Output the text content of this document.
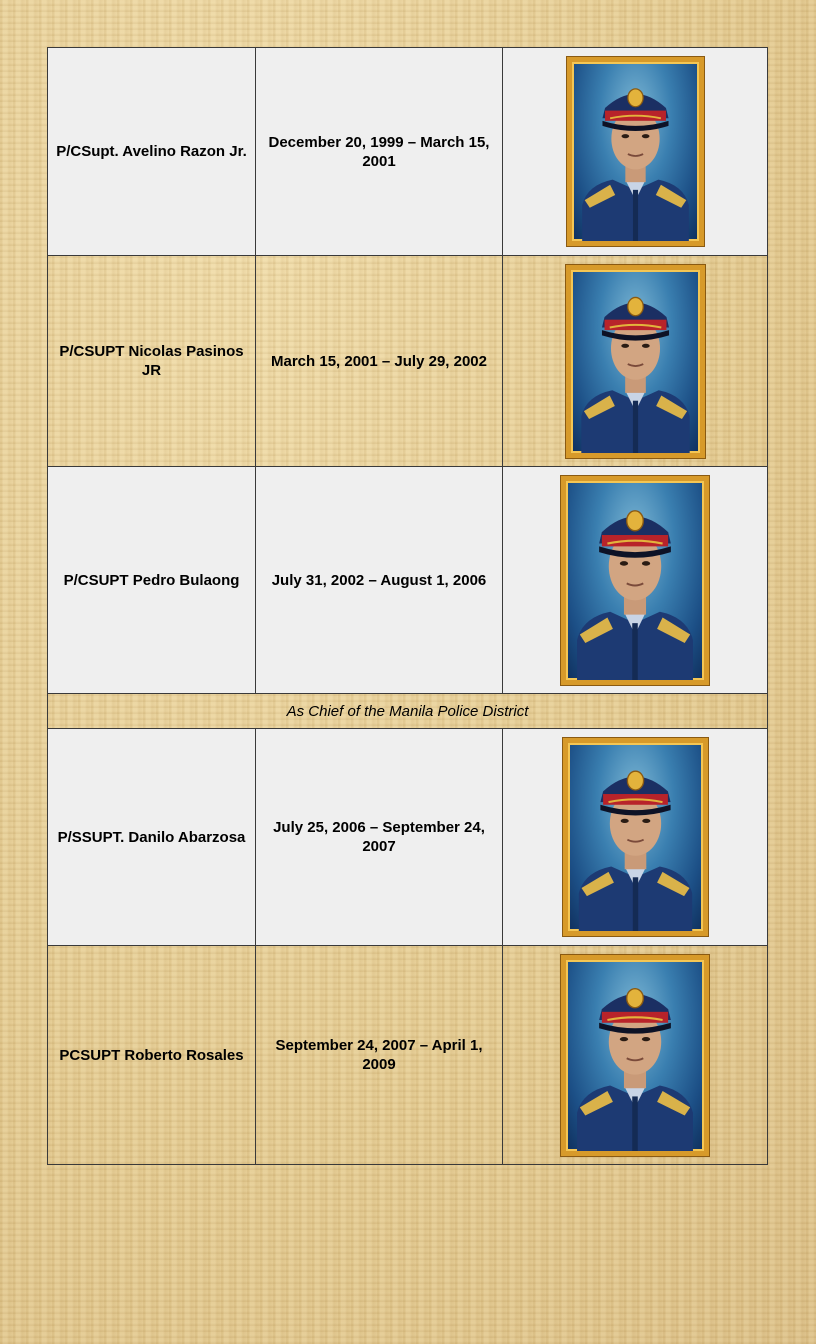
P/CSupt. Avelino Razon Jr.	December 20, 1999 – March 15, 2001	

P/CSUPT Nicolas Pasinos JR	March 15, 2001 – July 29, 2002	

P/CSUPT Pedro Bulaong	July 31, 2002 – August 1, 2006	

As Chief of the Manila Police District		
P/SSUPT. Danilo Abarzosa	July 25, 2006 – September 24, 2007	

PCSUPT Roberto Rosales	September 24, 2007 – April 1, 2009	
